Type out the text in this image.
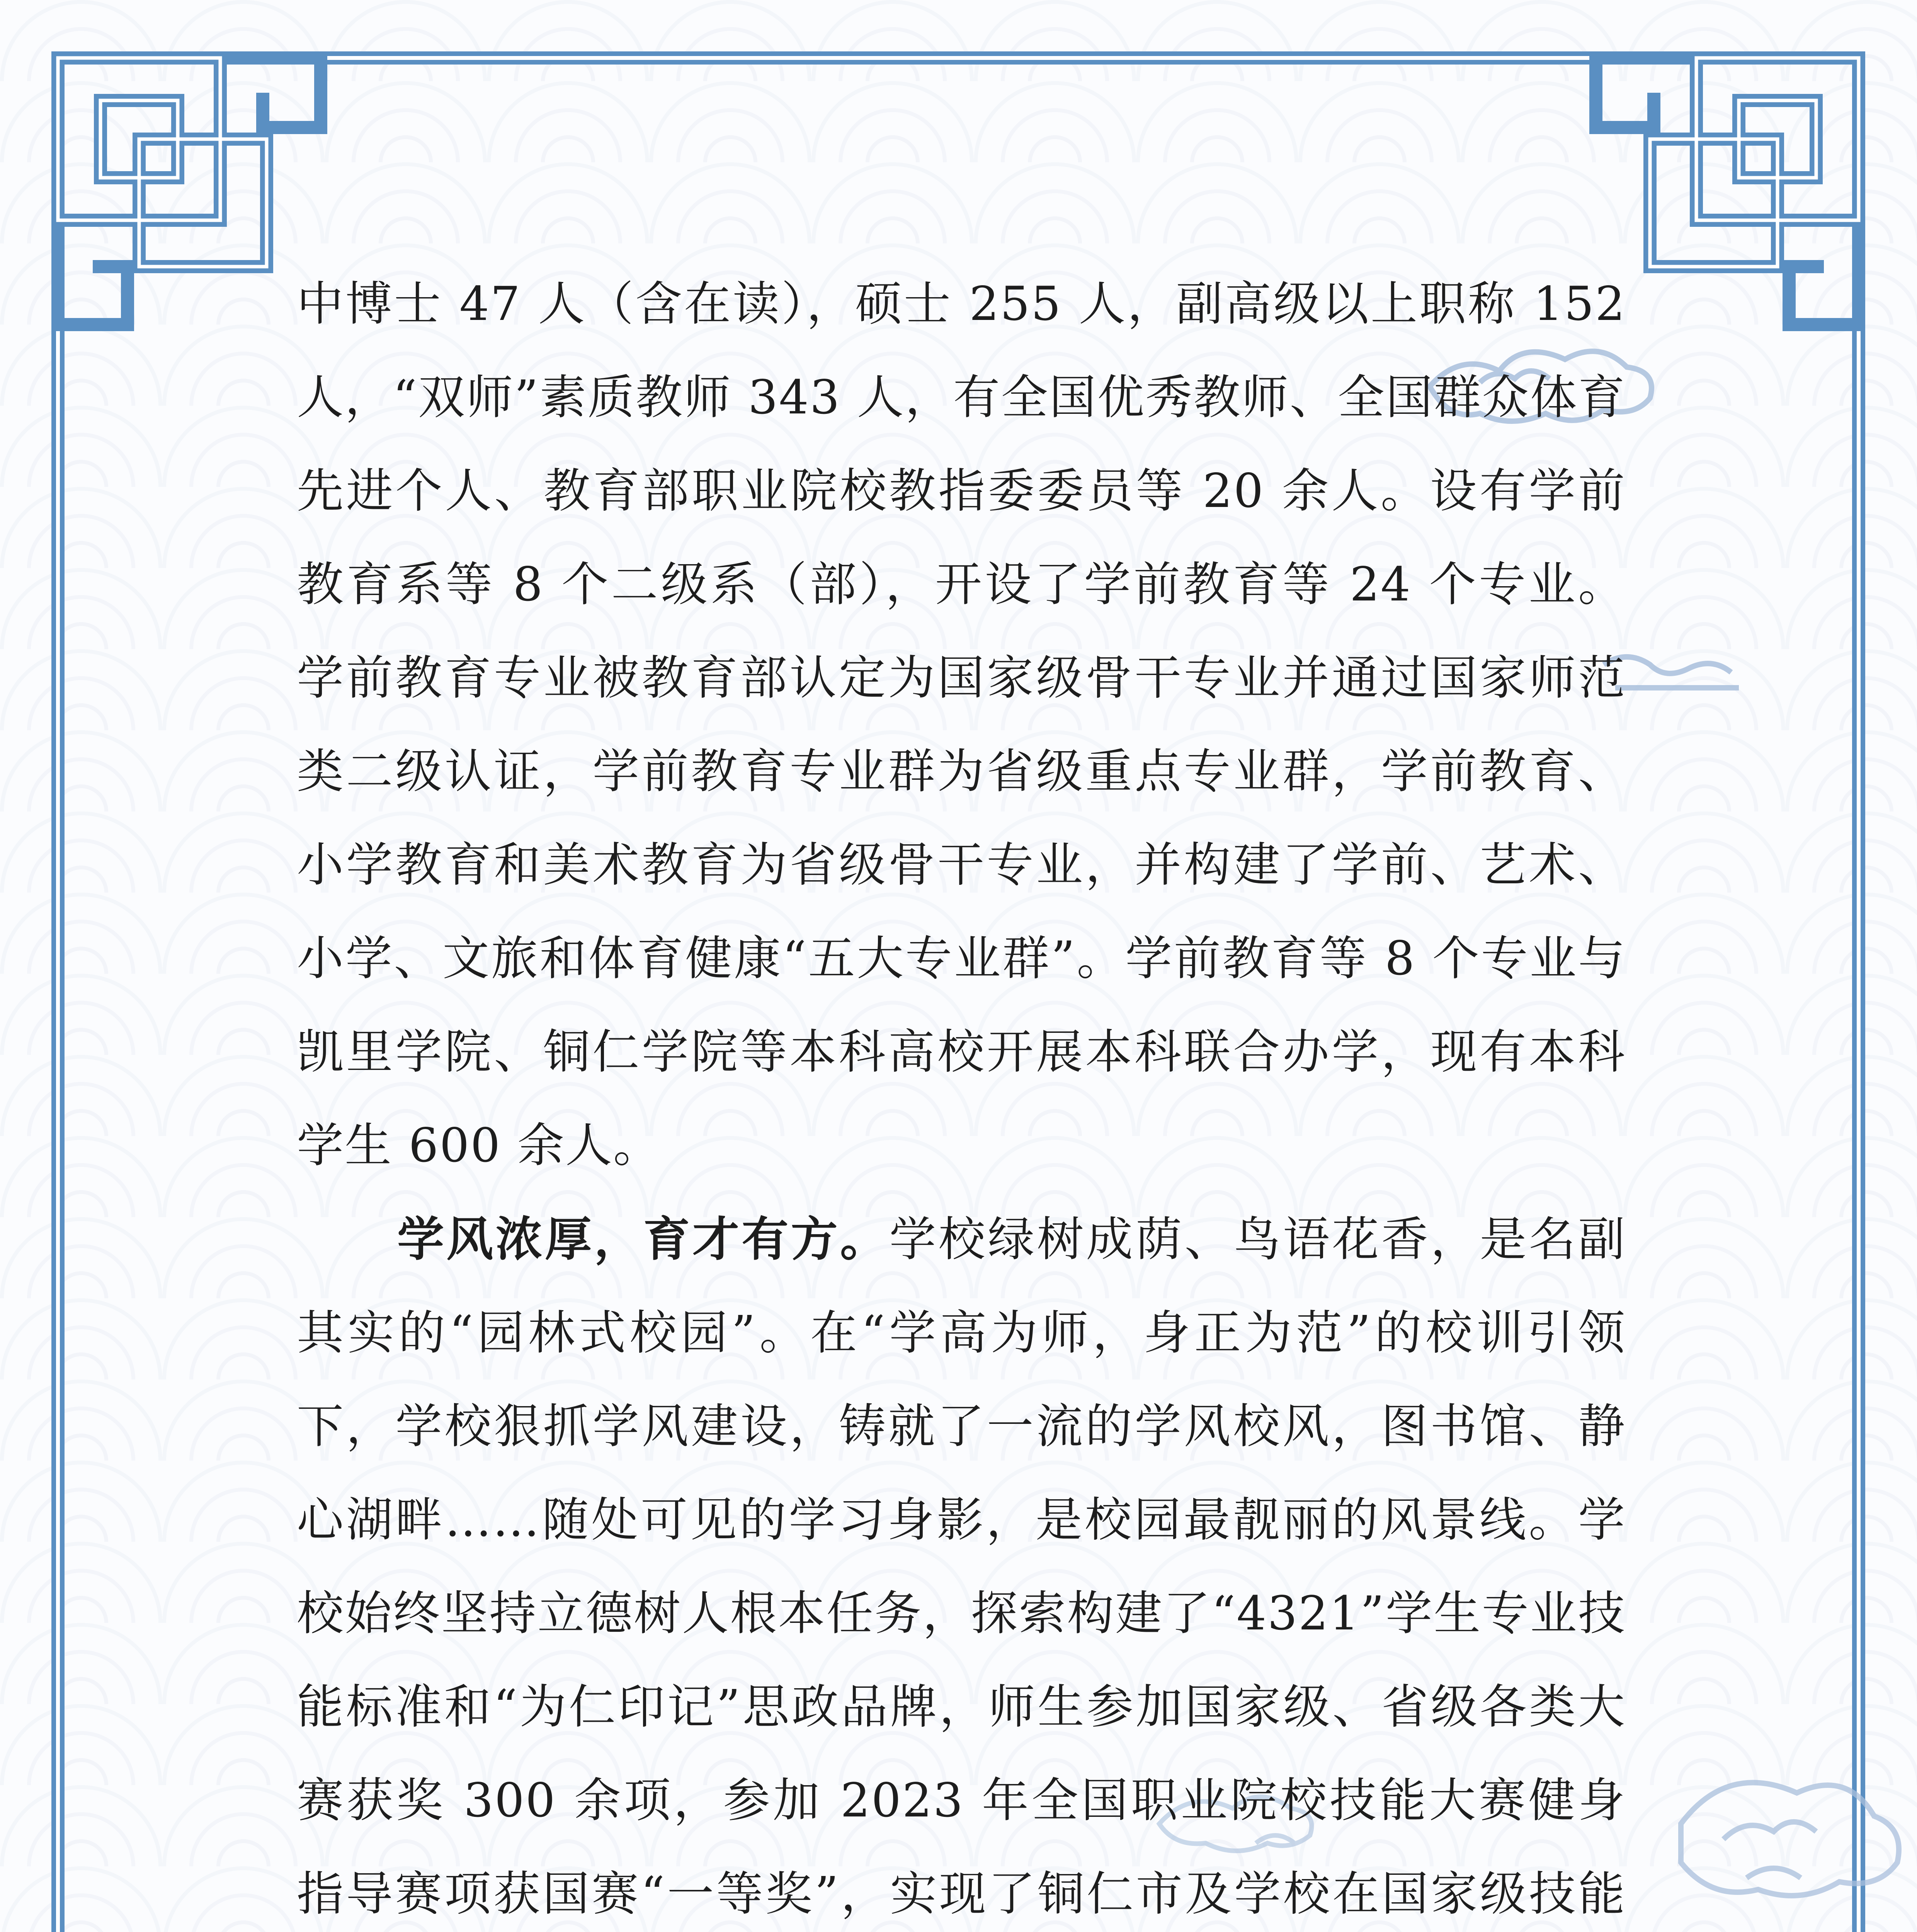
中博士 47 人（含在读），硕士 255 人，副高级以上职称 152 人，“双师”素质教师 343 人，有全国优秀教师、全国群众体育先进个人、教育部职业院校教指委委员等 20 余人。设有学前教育系等 8 个二级系（部），开设了学前教育等 24 个专业。学前教育专业被教育部认定为国家级骨干专业并通过国家师范类二级认证，学前教育专业群为省级重点专业群，学前教育、小学教育和美术教育为省级骨干专业，并构建了学前、艺术、小学、文旅和体育健康“五大专业群”。学前教育等 8 个专业与凯里学院、铜仁学院等本科高校开展本科联合办学，现有本科学生 600 余人。

学风浓厚，育才有方。学校绿树成荫、鸟语花香，是名副其实的“园林式校园”。在“学高为师，身正为范”的校训引领下，学校狠抓学风建设，铸就了一流的学风校风，图书馆、静心湖畔……随处可见的学习身影，是校园最靓丽的风景线。学校始终坚持立德树人根本任务，探索构建了“4321”学生专业技能标准和“为仁印记”思政品牌，师生参加国家级、省级各类大赛获奖 300 余项，参加 2023 年全国职业院校技能大赛健身指导赛项获国赛“一等奖”，实现了铜仁市及学校在国家级技能
